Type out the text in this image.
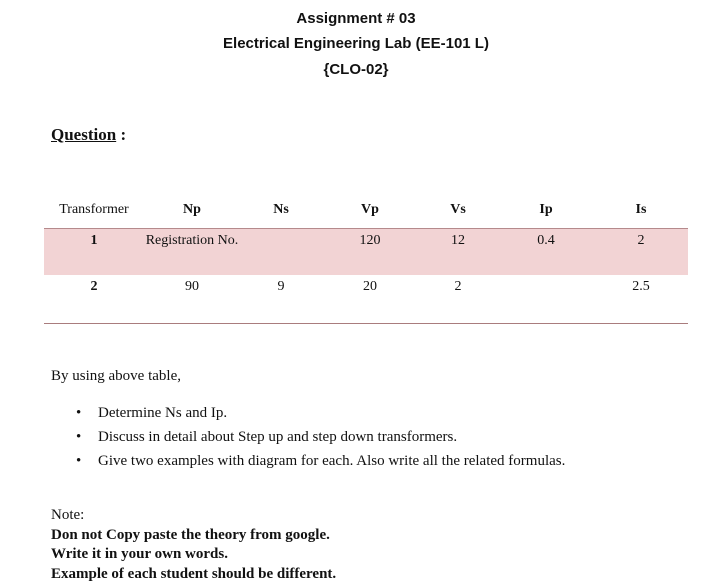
Assignment # 03
Electrical Engineering Lab (EE-101 L)
{CLO-02}
Question :
Transformer	Np	Ns	Vp	Vs	Ip	Is
1	Registration No.		120	12	0.4	2
2	90	9	20	2		2.5
By using above table,
• Determine Ns and Ip.
• Discuss in detail about Step up and step down transformers.
• Give two examples with diagram for each. Also write all the related formulas.
Note:
Don not Copy paste the theory from google.
Write it in your own words.
Example of each student should be different.
